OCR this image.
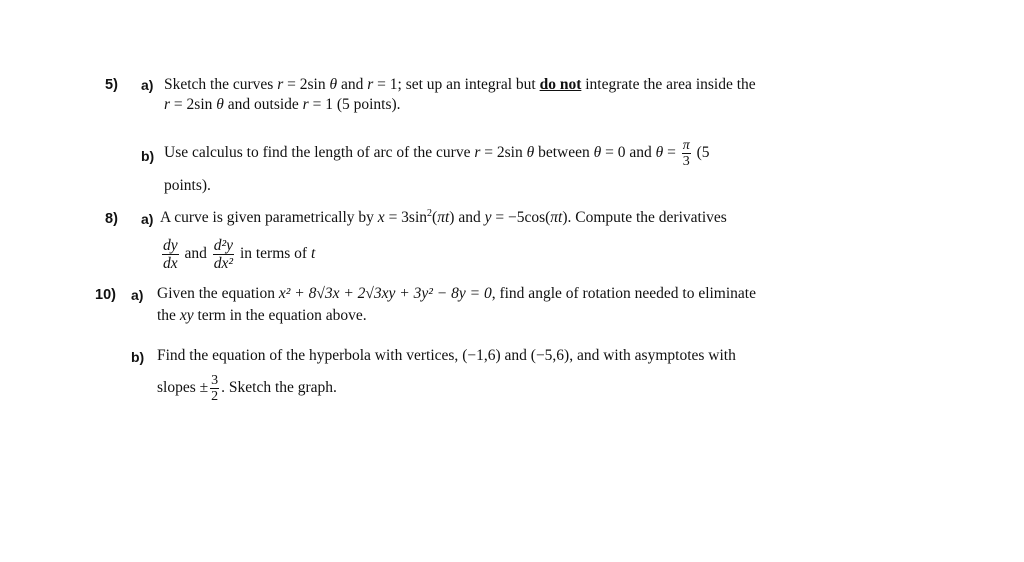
5) a) Sketch the curves r = 2sin θ and r = 1; set up an integral but do not integrate the area inside the
r = 2sin θ and outside r = 1 (5 points).
b) Use calculus to find the length of arc of the curve r = 2sin θ between θ = 0 and $\theta = \frac{\pi}{3} (5$
points).
8) a) A curve is given parametrically by $x = 3\sin^2(\pi t)$ and y = −5cos(πt). Compute the derivatives
$\frac{dy}{dx}$ and $\frac{\text{d²y}}{\text{dx²}}$ in terms of t
10) a) Given the equation x² + 8√3x + 2√3xy + 3y² − 8y = 0, find angle of rotation needed to eliminate
the xy term in the equation above.
b) Find the equation of the hyperbola with vertices, (−1,6) and (−5,6), and with asymptotes with
slopes ± $\frac{3}{2}$ . Sketch the graph.
